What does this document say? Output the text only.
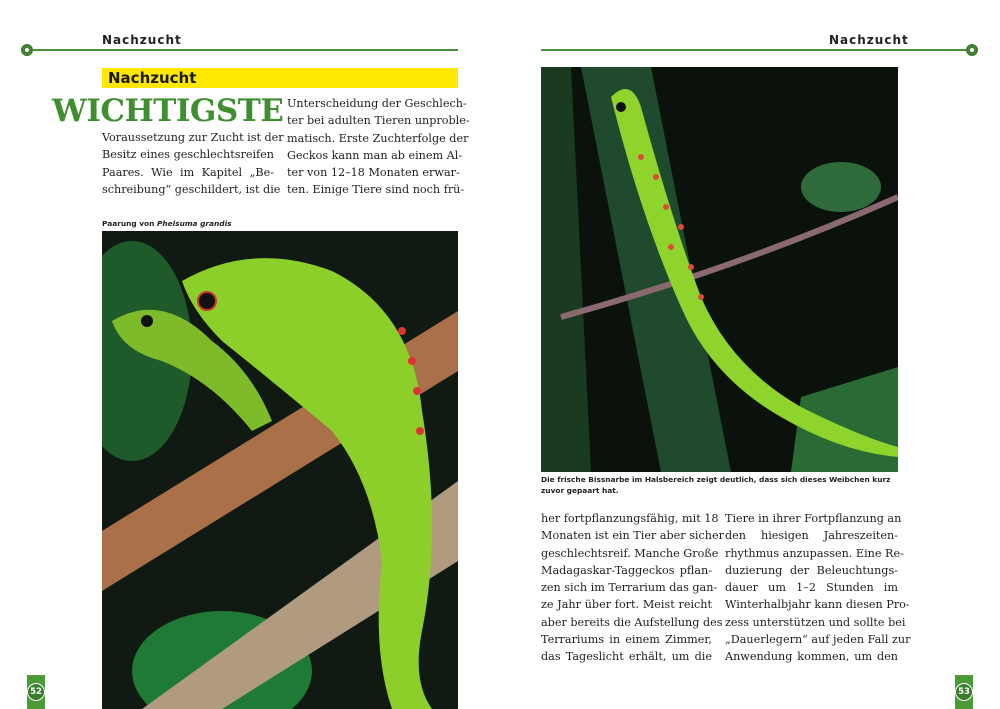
Nachzucht
Nachzucht
WICHTIGSTE
Voraussetzung zur Zucht ist der
Besitz eines geschlechtsreifen
Paares. Wie im Kapitel „Be-
schreibung“ geschildert, ist die
Unterscheidung der Geschlech-
ter bei adulten Tieren unproble-
matisch. Erste Zuchterfolge der
Geckos kann man ab einem Al-
ter von 12–18 Monaten erwar-
ten. Einige Tiere sind noch frü-
Paarung von Phelsuma grandis
52
Nachzucht
Die frische Bissnarbe im Halsbereich zeigt deutlich, dass sich dieses Weibchen kurz zuvor gepaart hat.
her fortpflanzungsfähig, mit 18
Monaten ist ein Tier aber sicher
geschlechtsreif. Manche Große
Madagaskar-Taggeckos pflan-
zen sich im Terrarium das gan-
ze Jahr über fort. Meist reicht
aber bereits die Aufstellung des
Terrariums in einem Zimmer,
das Tageslicht erhält, um die
Tiere in ihrer Fortpflanzung an
den hiesigen Jahreszeiten-
rhythmus anzupassen. Eine Re-
duzierung der Beleuchtungs-
dauer um 1–2 Stunden im
Winterhalbjahr kann diesen Pro-
zess unterstützen und sollte bei
„Dauerlegern“ auf jeden Fall zur
Anwendung kommen, um den
53
